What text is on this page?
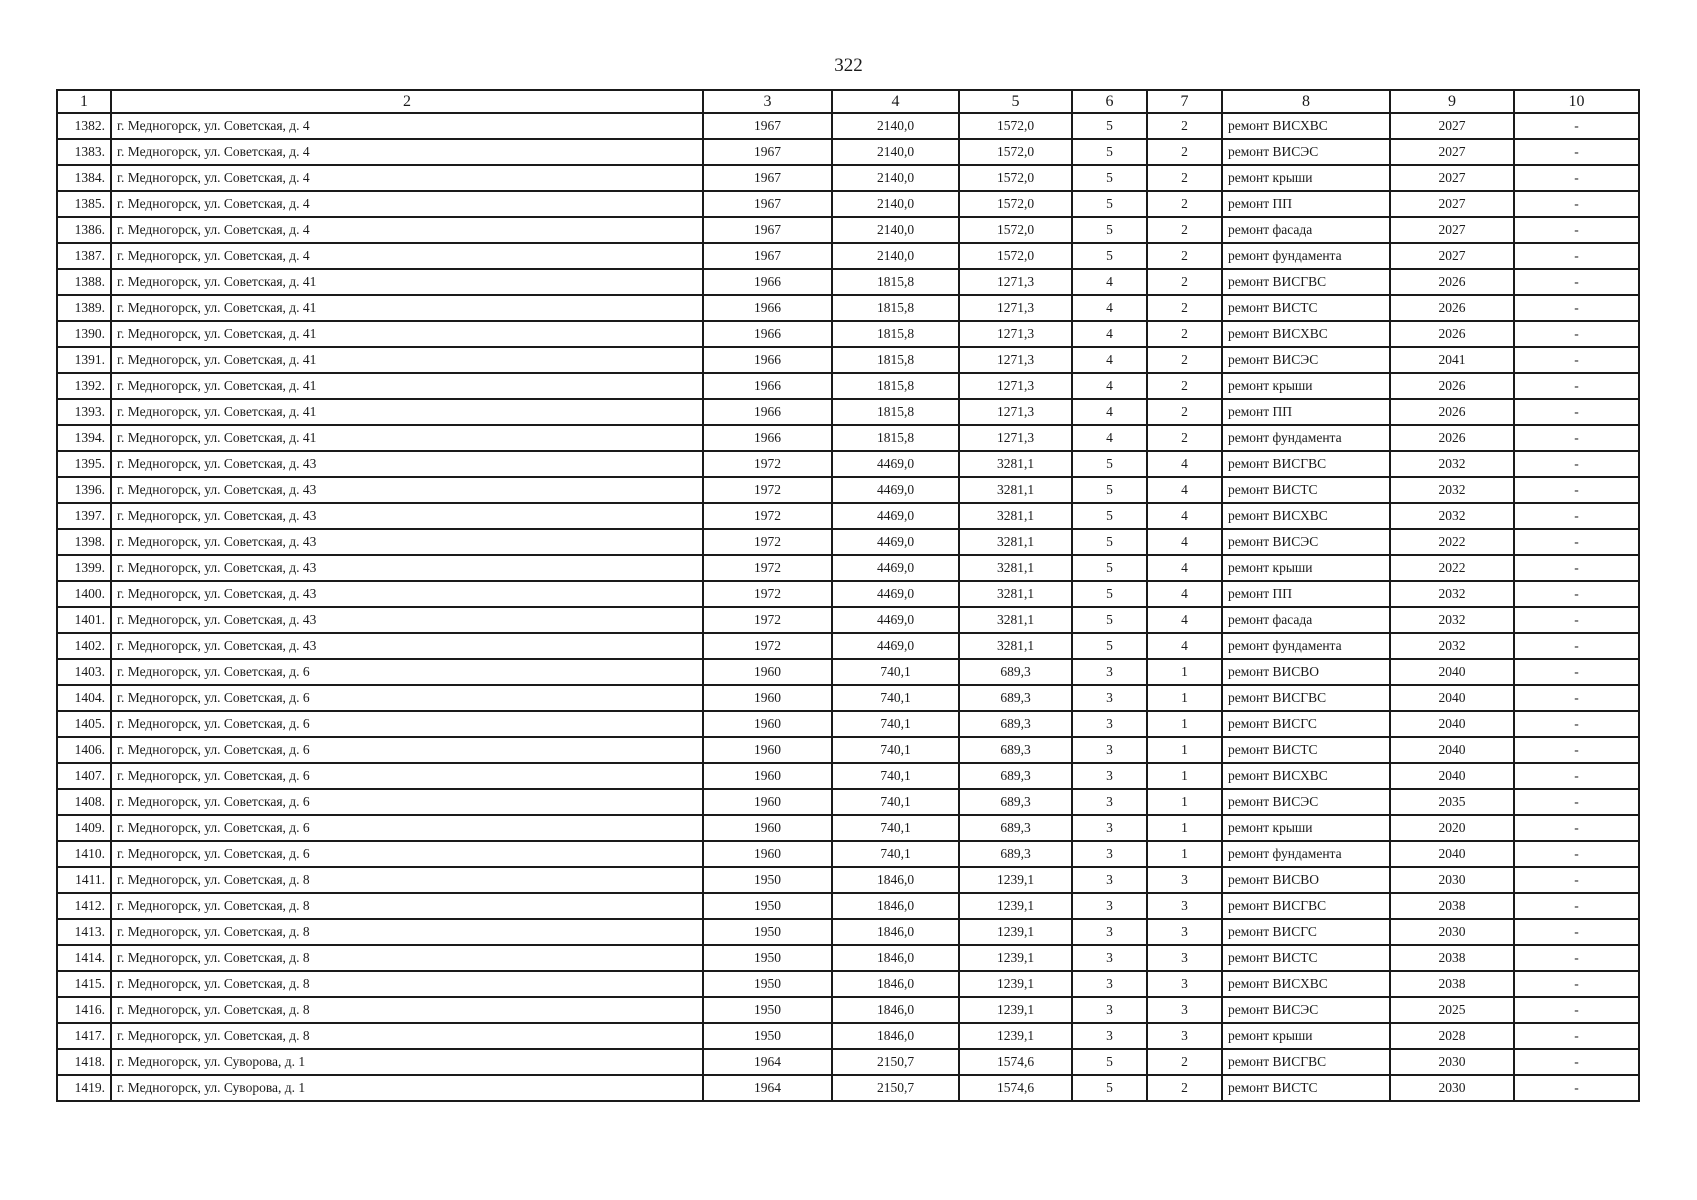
322
1	2	3	4	5	6	7	8	9	10
1382.	г. Медногорск, ул. Советская, д. 4	1967	2140,0	1572,0	5	2	ремонт ВИСХВС	2027	-
1383.	г. Медногорск, ул. Советская, д. 4	1967	2140,0	1572,0	5	2	ремонт ВИСЭС	2027	-
1384.	г. Медногорск, ул. Советская, д. 4	1967	2140,0	1572,0	5	2	ремонт крыши	2027	-
1385.	г. Медногорск, ул. Советская, д. 4	1967	2140,0	1572,0	5	2	ремонт ПП	2027	-
1386.	г. Медногорск, ул. Советская, д. 4	1967	2140,0	1572,0	5	2	ремонт фасада	2027	-
1387.	г. Медногорск, ул. Советская, д. 4	1967	2140,0	1572,0	5	2	ремонт фундамента	2027	-
1388.	г. Медногорск, ул. Советская, д. 41	1966	1815,8	1271,3	4	2	ремонт ВИСГВС	2026	-
1389.	г. Медногорск, ул. Советская, д. 41	1966	1815,8	1271,3	4	2	ремонт ВИСТС	2026	-
1390.	г. Медногорск, ул. Советская, д. 41	1966	1815,8	1271,3	4	2	ремонт ВИСХВС	2026	-
1391.	г. Медногорск, ул. Советская, д. 41	1966	1815,8	1271,3	4	2	ремонт ВИСЭС	2041	-
1392.	г. Медногорск, ул. Советская, д. 41	1966	1815,8	1271,3	4	2	ремонт крыши	2026	-
1393.	г. Медногорск, ул. Советская, д. 41	1966	1815,8	1271,3	4	2	ремонт ПП	2026	-
1394.	г. Медногорск, ул. Советская, д. 41	1966	1815,8	1271,3	4	2	ремонт фундамента	2026	-
1395.	г. Медногорск, ул. Советская, д. 43	1972	4469,0	3281,1	5	4	ремонт ВИСГВС	2032	-
1396.	г. Медногорск, ул. Советская, д. 43	1972	4469,0	3281,1	5	4	ремонт ВИСТС	2032	-
1397.	г. Медногорск, ул. Советская, д. 43	1972	4469,0	3281,1	5	4	ремонт ВИСХВС	2032	-
1398.	г. Медногорск, ул. Советская, д. 43	1972	4469,0	3281,1	5	4	ремонт ВИСЭС	2022	-
1399.	г. Медногорск, ул. Советская, д. 43	1972	4469,0	3281,1	5	4	ремонт крыши	2022	-
1400.	г. Медногорск, ул. Советская, д. 43	1972	4469,0	3281,1	5	4	ремонт ПП	2032	-
1401.	г. Медногорск, ул. Советская, д. 43	1972	4469,0	3281,1	5	4	ремонт фасада	2032	-
1402.	г. Медногорск, ул. Советская, д. 43	1972	4469,0	3281,1	5	4	ремонт фундамента	2032	-
1403.	г. Медногорск, ул. Советская, д. 6	1960	740,1	689,3	3	1	ремонт ВИСВО	2040	-
1404.	г. Медногорск, ул. Советская, д. 6	1960	740,1	689,3	3	1	ремонт ВИСГВС	2040	-
1405.	г. Медногорск, ул. Советская, д. 6	1960	740,1	689,3	3	1	ремонт ВИСГС	2040	-
1406.	г. Медногорск, ул. Советская, д. 6	1960	740,1	689,3	3	1	ремонт ВИСТС	2040	-
1407.	г. Медногорск, ул. Советская, д. 6	1960	740,1	689,3	3	1	ремонт ВИСХВС	2040	-
1408.	г. Медногорск, ул. Советская, д. 6	1960	740,1	689,3	3	1	ремонт ВИСЭС	2035	-
1409.	г. Медногорск, ул. Советская, д. 6	1960	740,1	689,3	3	1	ремонт крыши	2020	-
1410.	г. Медногорск, ул. Советская, д. 6	1960	740,1	689,3	3	1	ремонт фундамента	2040	-
1411.	г. Медногорск, ул. Советская, д. 8	1950	1846,0	1239,1	3	3	ремонт ВИСВО	2030	-
1412.	г. Медногорск, ул. Советская, д. 8	1950	1846,0	1239,1	3	3	ремонт ВИСГВС	2038	-
1413.	г. Медногорск, ул. Советская, д. 8	1950	1846,0	1239,1	3	3	ремонт ВИСГС	2030	-
1414.	г. Медногорск, ул. Советская, д. 8	1950	1846,0	1239,1	3	3	ремонт ВИСТС	2038	-
1415.	г. Медногорск, ул. Советская, д. 8	1950	1846,0	1239,1	3	3	ремонт ВИСХВС	2038	-
1416.	г. Медногорск, ул. Советская, д. 8	1950	1846,0	1239,1	3	3	ремонт ВИСЭС	2025	-
1417.	г. Медногорск, ул. Советская, д. 8	1950	1846,0	1239,1	3	3	ремонт крыши	2028	-
1418.	г. Медногорск, ул. Суворова, д. 1	1964	2150,7	1574,6	5	2	ремонт ВИСГВС	2030	-
1419.	г. Медногорск, ул. Суворова, д. 1	1964	2150,7	1574,6	5	2	ремонт ВИСТС	2030	-
